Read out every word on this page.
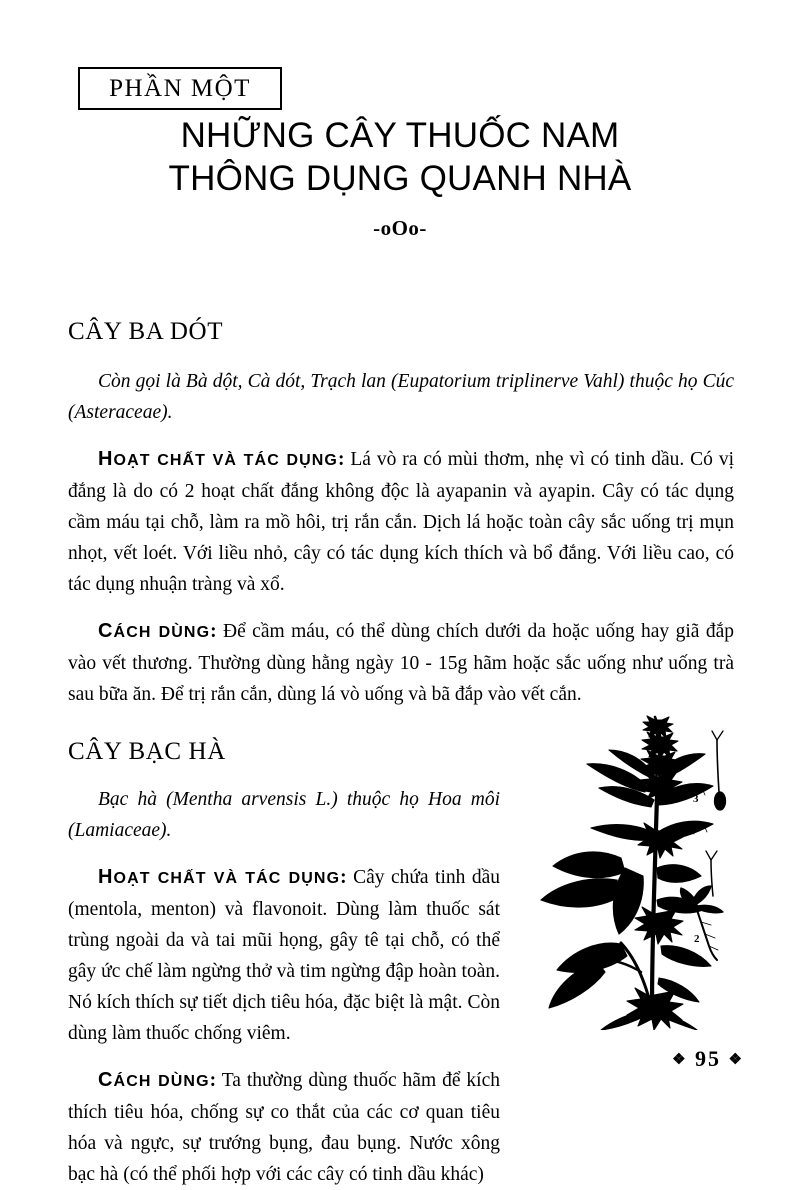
PHẦN MỘT
NHỮNG CÂY THUỐC NAM
THÔNG DỤNG QUANH NHÀ
-oOo-
CÂY BA DÓT

Còn gọi là Bà dột, Cà dót, Trạch lan (Eupatorium triplinerve Vahl) thuộc họ Cúc (Asteraceae).

HOẠT CHẤT VÀ TÁC DỤNG: Lá vò ra có mùi thơm, nhẹ vì có tinh dầu. Có vị đắng là do có 2 hoạt chất đắng không độc là ayapanin và ayapin. Cây có tác dụng cầm máu tại chỗ, làm ra mồ hôi, trị rắn cắn. Dịch lá hoặc toàn cây sắc uống trị mụn nhọt, vết loét. Với liều nhỏ, cây có tác dụng kích thích và bổ đắng. Với liều cao, có tác dụng nhuận tràng và xổ.

CÁCH DÙNG: Để cầm máu, có thể dùng chích dưới da hoặc uống hay giã đắp vào vết thương. Thường dùng hằng ngày 10 - 15g hãm hoặc sắc uống như uống trà sau bữa ăn. Để trị rắn cắn, dùng lá vò uống và bã đắp vào vết cắn.

CÂY BẠC HÀ

Bạc hà (Mentha arvensis L.) thuộc họ Hoa môi (Lamiaceae).

HOẠT CHẤT VÀ TÁC DỤNG: Cây chứa tinh dầu (mentola, menton) và flavonoit. Dùng làm thuốc sát trùng ngoài da và tai mũi họng, gây tê tại chỗ, có thể gây ức chế làm ngừng thở và tim ngừng đập hoàn toàn. Nó kích thích sự tiết dịch tiêu hóa, đặc biệt là mật. Còn dùng làm thuốc chống viêm.

CÁCH DÙNG: Ta thường dùng thuốc hãm để kích thích tiêu hóa, chống sự co thắt của các cơ quan tiêu hóa và ngực, sự trướng bụng, đau bụng. Nước xông bạc hà (có thể phối hợp với các cây có tinh dầu khác)

1
2
3
❖ 95 ❖
